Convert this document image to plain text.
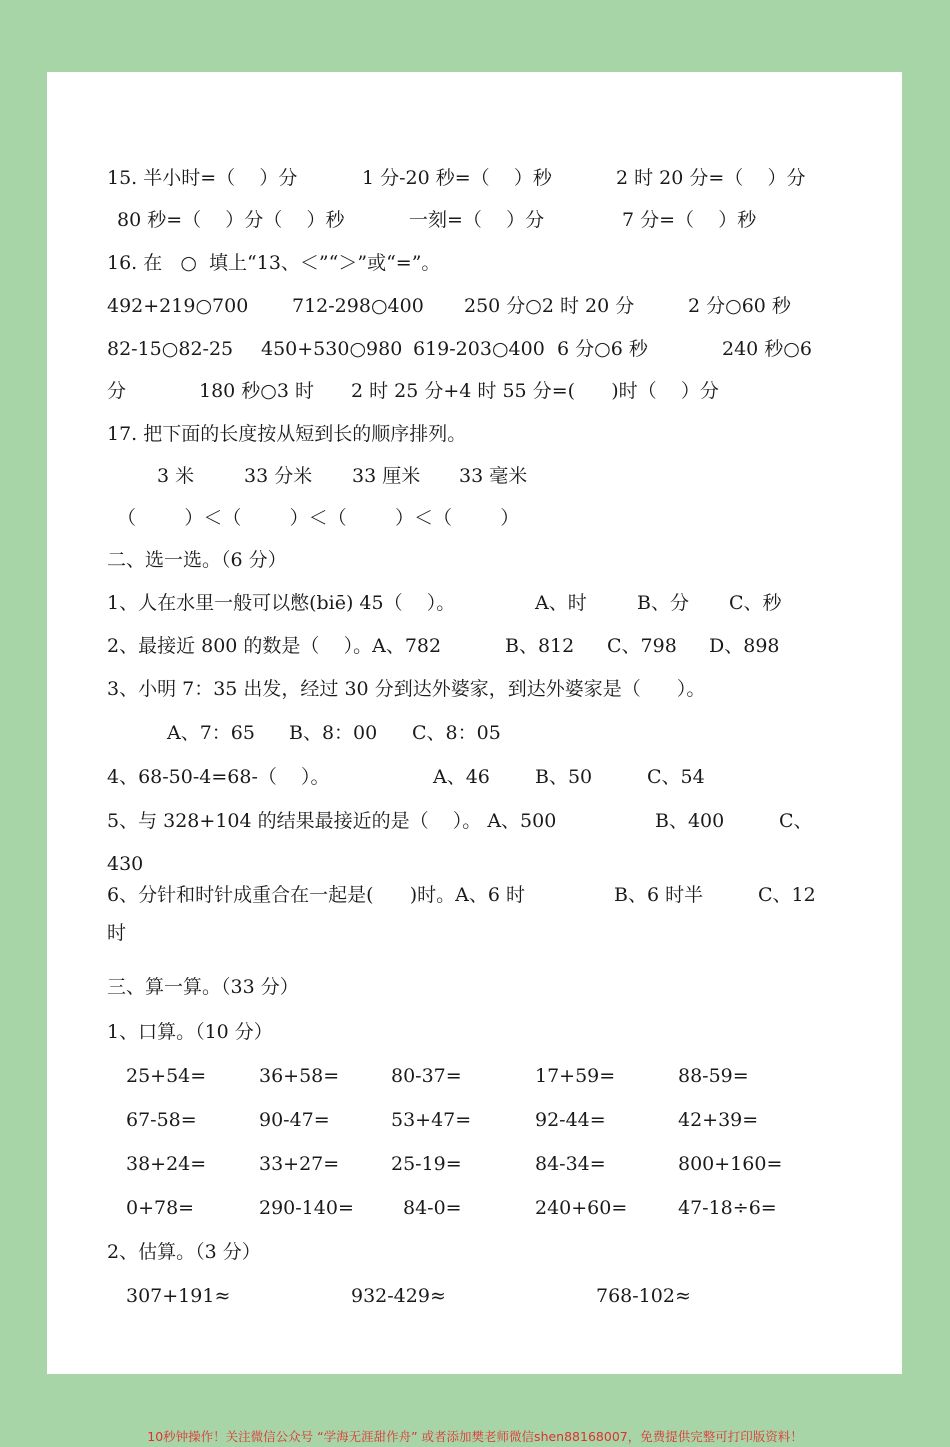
15. 半小时=（    ）分	1 分-20 秒=（    ）秒	2 时 20 分=（    ）分
80 秒=（    ）分（    ）秒	一刻=（    ）分	7 分=（    ）秒
16. 在   ○  填上“13、＜”“＞”或“=”。
492+219○700 712-298○400 250 分○2 时 20 分	2 分○60 秒
82-15○82-25 450+530○980 619-203○400 6 分○6 秒	240 秒○6
分	180 秒○3 时 2 时 25 分+4 时 55 分=(      )时（    ）分
17. 把下面的长度按从短到长的顺序排列。
3 米	33 分米 33 厘米 33 毫米
（        ）＜（        ）＜（        ）＜（        ）
二、选一选。（6 分）
1、人在水里一般可以憋(biē) 45（    ）。	A、时	B、分 C、秒
2、最接近 800 的数是（    ）。A、782	B、812 C、798 D、898
3、小明 7：35 出发，经过 30 分到达外婆家，到达外婆家是（      ）。
A、7：65 B、8：00 C、8：05
4、68-50-4=68-（    ）。	A、46 B、50	C、54
5、与 328+104 的结果最接近的是（    ）。 A、500	B、400	C、
430
6、分针和时针成重合在一起是(      )时。A、6 时	B、6 时半	C、12
时
三、算一算。（33 分）
1、口算。（10 分）
25+54=	36+58=	80-37=	17+59=	88-59=
67-58=	90-47=	53+47=	92-44=	42+39=
38+24=	33+27=	25-19=	84-34=	800+160=
0+78=	290-140=	84-0=	240+60=	47-18÷6=
2、估算。（3 分）
307+191≈	932-429≈	768-102≈
10秒钟操作！关注微信公众号 “学海无涯甜作舟” 或者添加樊老师微信shen88168007，免费提供完整可打印版资料！
